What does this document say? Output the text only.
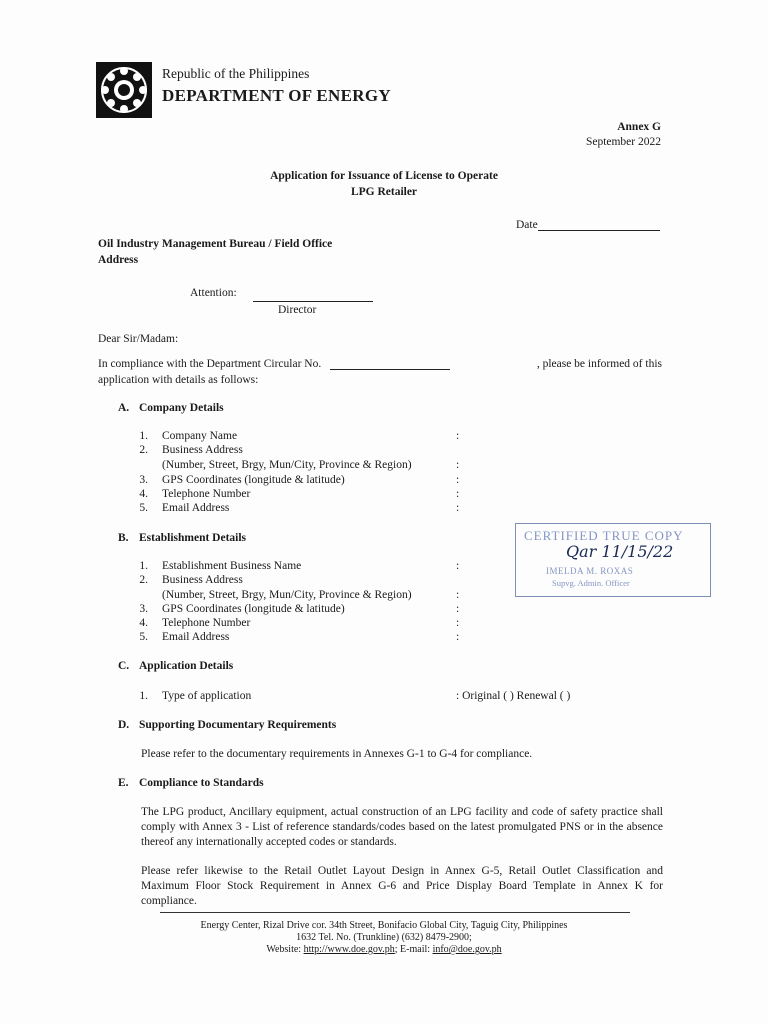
Republic of the Philippines
DEPARTMENT OF ENERGY
Annex G
September 2022
Application for Issuance of License to Operate
LPG Retailer
Date
Oil Industry Management Bureau / Field Office
Address
Attention:
Director
Dear Sir/Madam:
In compliance with the Department Circular No.	, please be informed of this
application with details as follows:
A. Company Details
1. Company Name	:
2. Business Address
(Number, Street, Brgy, Mun/City, Province & Region)	:
3. GPS Coordinates (longitude & latitude)	:
4. Telephone Number	:
5. Email Address	:
B. Establishment Details
1. Establishment Business Name	:
2. Business Address
(Number, Street, Brgy, Mun/City, Province & Region)	:
3. GPS Coordinates (longitude & latitude)	:
4. Telephone Number	:
5. Email Address	:
CERTIFIED TRUE COPY
Qar 11/15/22
IMELDA M. ROXAS
Supvg. Admin. Officer
C. Application Details
1. Type of application	: Original ( ) Renewal ( )
D. Supporting Documentary Requirements
Please refer to the documentary requirements in Annexes G-1 to G-4 for compliance.
E. Compliance to Standards
The LPG product, Ancillary equipment, actual construction of an LPG facility and code of safety practice shall comply with Annex 3 - List of reference standards/codes based on the latest promulgated PNS or in the absence thereof any internationally accepted codes or standards.
Please refer likewise to the Retail Outlet Layout Design in Annex G-5, Retail Outlet Classification and Maximum Floor Stock Requirement in Annex G-6 and Price Display Board Template in Annex K for compliance.
Energy Center, Rizal Drive cor. 34th Street, Bonifacio Global City, Taguig City, Philippines
1632 Tel. No. (Trunkline) (632) 8479-2900;
Website: http://www.doe.gov.ph; E-mail: info@doe.gov.ph
